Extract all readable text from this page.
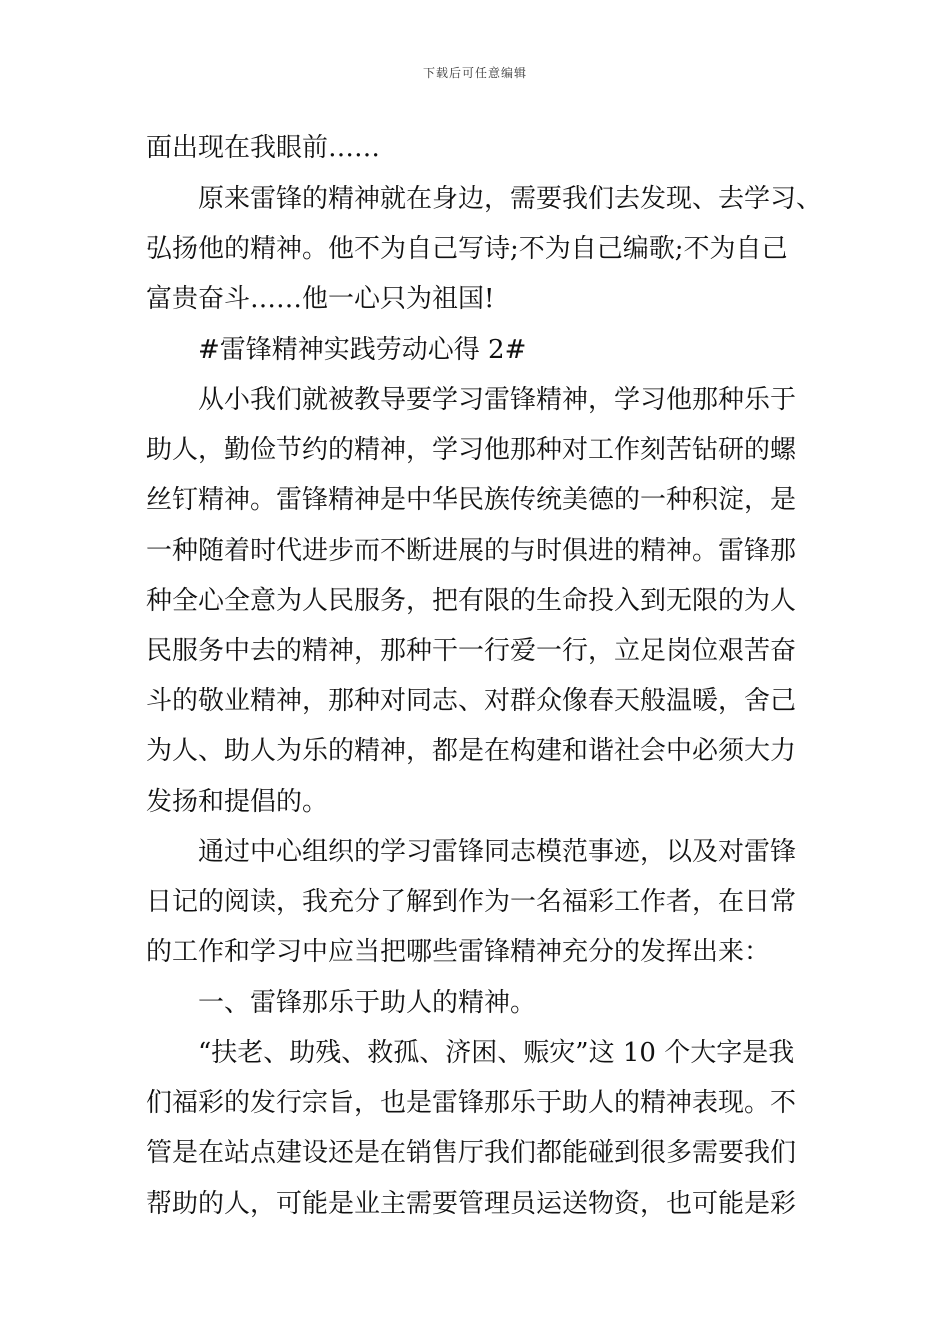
下载后可任意编辑
面出现在我眼前……
原来雷锋的精神就在身边，需要我们去发现、去学习、
弘扬他的精神。他不为自己写诗;不为自己编歌;不为自己
富贵奋斗……他一心只为祖国!
#雷锋精神实践劳动心得 2#
从小我们就被教导要学习雷锋精神，学习他那种乐于
助人，勤俭节约的精神，学习他那种对工作刻苦钻研的螺
丝钉精神。雷锋精神是中华民族传统美德的一种积淀，是
一种随着时代进步而不断进展的与时俱进的精神。雷锋那
种全心全意为人民服务，把有限的生命投入到无限的为人
民服务中去的精神，那种干一行爱一行，立足岗位艰苦奋
斗的敬业精神，那种对同志、对群众像春天般温暖，舍己
为人、助人为乐的精神，都是在构建和谐社会中必须大力
发扬和提倡的。
通过中心组织的学习雷锋同志模范事迹，以及对雷锋
日记的阅读，我充分了解到作为一名福彩工作者，在日常
的工作和学习中应当把哪些雷锋精神充分的发挥出来：
一、雷锋那乐于助人的精神。
“扶老、助残、救孤、济困、赈灾”这 10 个大字是我
们福彩的发行宗旨，也是雷锋那乐于助人的精神表现。不
管是在站点建设还是在销售厅我们都能碰到很多需要我们
帮助的人，可能是业主需要管理员运送物资，也可能是彩
